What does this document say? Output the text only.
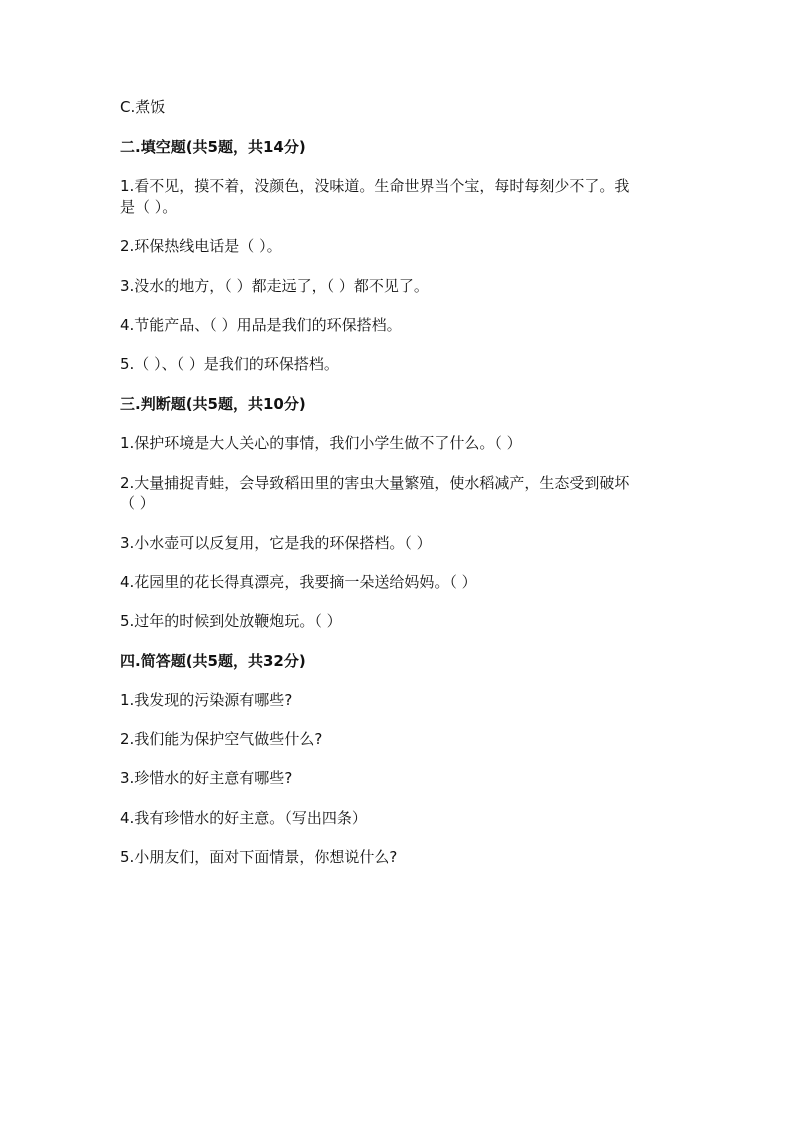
C.煮饭
二.填空题(共5题，共14分)
1.看不见，摸不着，没颜色，没味道。生命世界当个宝，每时每刻少不了。我
是（ ）。
2.环保热线电话是（ ）。
3.没水的地方，（ ）都走远了，（ ）都不见了。
4.节能产品、（ ）用品是我们的环保搭档。
5.（ ）、（ ）是我们的环保搭档。
三.判断题(共5题，共10分)
1.保护环境是大人关心的事情，我们小学生做不了什么。（ ）
2.大量捕捉青蛙，会导致稻田里的害虫大量繁殖，使水稻减产，生态受到破坏
（ ）
3.小水壶可以反复用，它是我的环保搭档。（ ）
4.花园里的花长得真漂亮，我要摘一朵送给妈妈。（ ）
5.过年的时候到处放鞭炮玩。（ ）
四.简答题(共5题，共32分)
1.我发现的污染源有哪些?
2.我们能为保护空气做些什么?
3.珍惜水的好主意有哪些?
4.我有珍惜水的好主意。（写出四条）
5.小朋友们，面对下面情景，你想说什么?
